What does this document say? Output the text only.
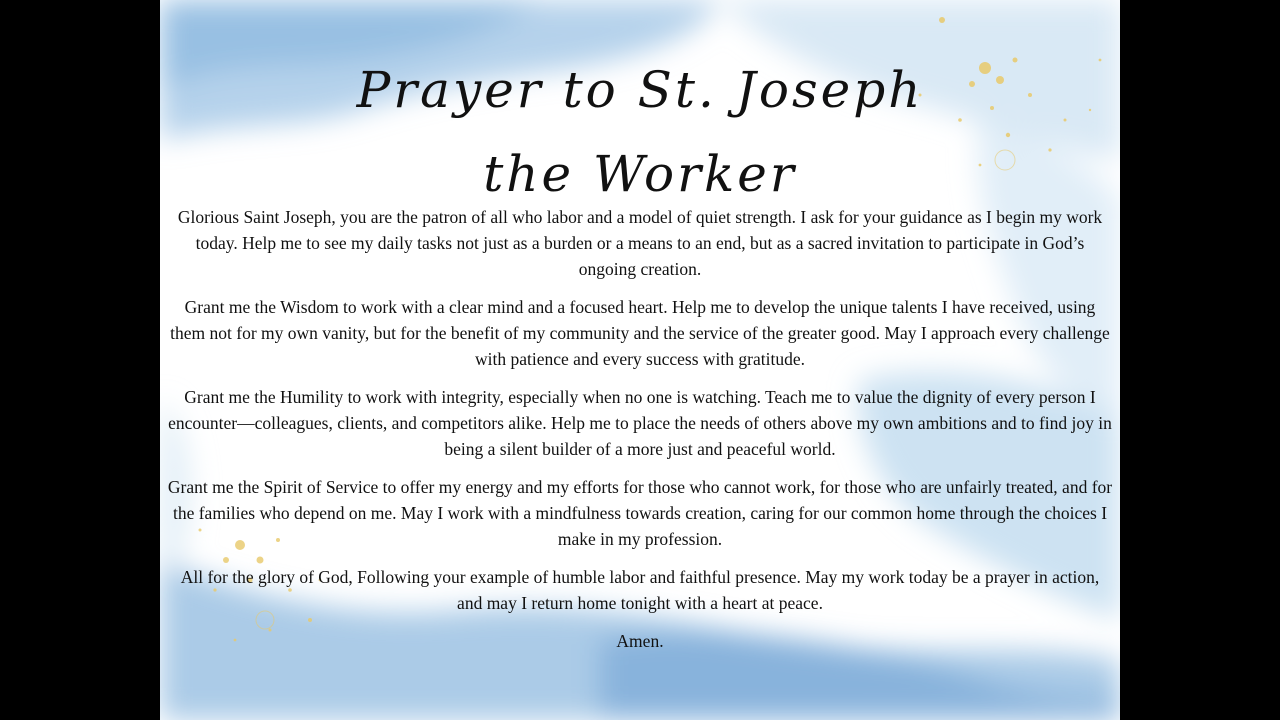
Prayer to St. Joseph
the Worker

Glorious Saint Joseph, you are the patron of all who labor and a model of quiet strength. I ask for your guidance as I begin my work today. Help me to see my daily tasks not just as a burden or a means to an end, but as a sacred invitation to participate in God’s ongoing creation.

Grant me the Wisdom to work with a clear mind and a focused heart. Help me to develop the unique talents I have received, using them not for my own vanity, but for the benefit of my community and the service of the greater good. May I approach every challenge with patience and every success with gratitude.

Grant me the Humility to work with integrity, especially when no one is watching. Teach me to value the dignity of every person I encounter—colleagues, clients, and competitors alike. Help me to place the needs of others above my own ambitions and to find joy in being a silent builder of a more just and peaceful world.

Grant me the Spirit of Service to offer my energy and my efforts for those who cannot work, for those who are unfairly treated, and for the families who depend on me. May I work with a mindfulness towards creation, caring for our common home through the choices I make in my profession.

All for the glory of God, Following your example of humble labor and faithful presence. May my work today be a prayer in action, and may I return home tonight with a heart at peace.

Amen.
